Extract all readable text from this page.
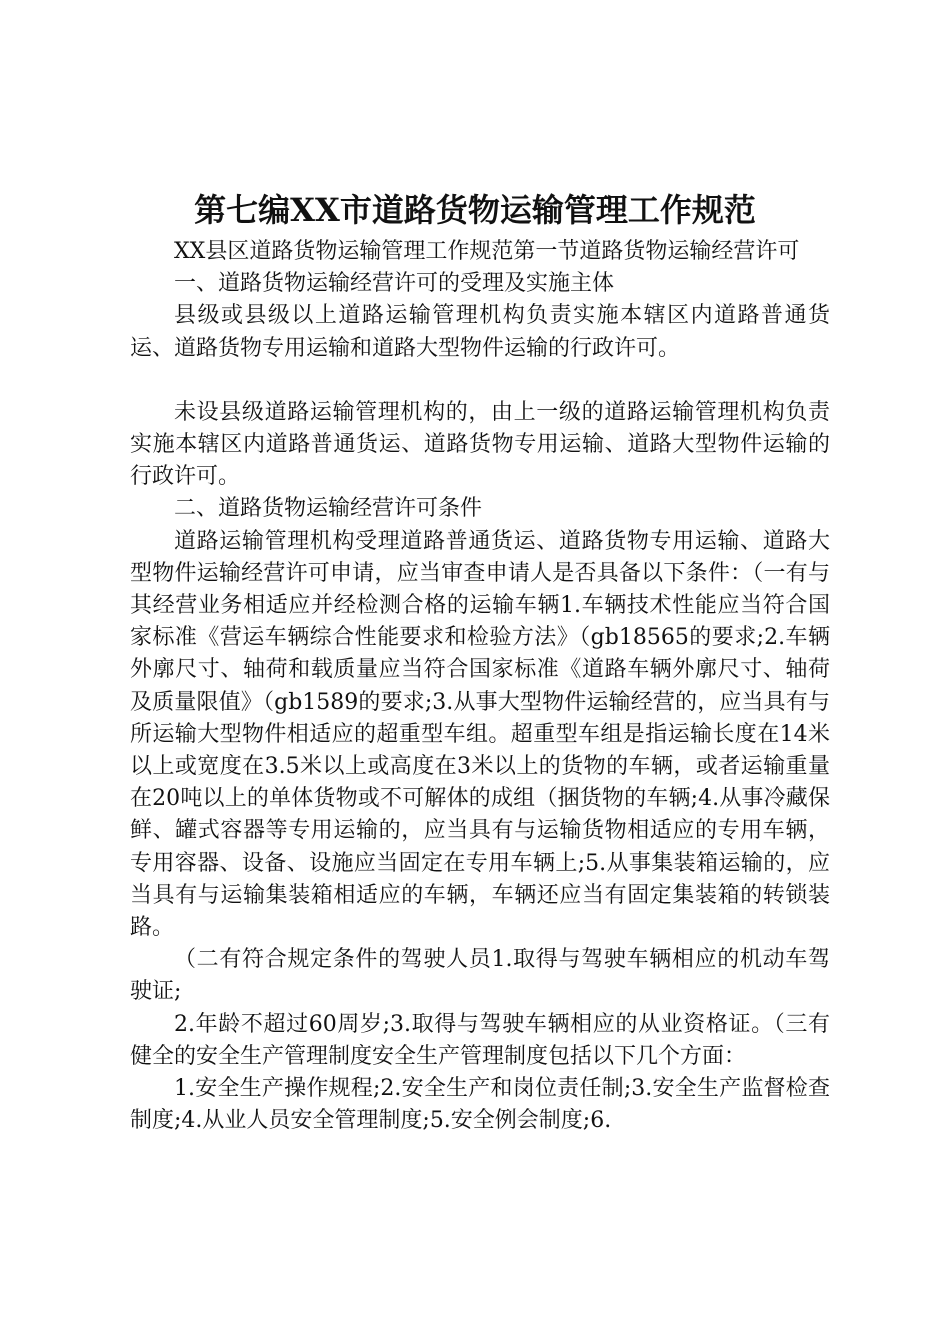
第七编XX市道路货物运输管理工作规范

XX县区道路货物运输管理工作规范第一节道路货物运输经营许可

一、道路货物运输经营许可的受理及实施主体

县级或县级以上道路运输管理机构负责实施本辖区内道路普通货运、道路货物专用运输和道路大型物件运输的行政许可。

未设县级道路运输管理机构的，由上一级的道路运输管理机构负责实施本辖区内道路普通货运、道路货物专用运输、道路大型物件运输的行政许可。

二、道路货物运输经营许可条件

道路运输管理机构受理道路普通货运、道路货物专用运输、道路大型物件运输经营许可申请，应当审查申请人是否具备以下条件：（一有与其经营业务相适应并经检测合格的运输车辆1.车辆技术性能应当符合国家标准《营运车辆综合性能要求和检验方法》（gb18565的要求;2.车辆外廓尺寸、轴荷和载质量应当符合国家标准《道路车辆外廓尺寸、轴荷及质量限值》（gb1589的要求;3.从事大型物件运输经营的，应当具有与所运输大型物件相适应的超重型车组。超重型车组是指运输长度在14米以上或宽度在3.5米以上或高度在3米以上的货物的车辆，或者运输重量在20吨以上的单体货物或不可解体的成组（捆货物的车辆;4.从事冷藏保鲜、罐式容器等专用运输的，应当具有与运输货物相适应的专用车辆，专用容器、设备、设施应当固定在专用车辆上;5.从事集装箱运输的，应当具有与运输集装箱相适应的车辆，车辆还应当有固定集装箱的转锁装路。

（二有符合规定条件的驾驶人员1.取得与驾驶车辆相应的机动车驾驶证;

2.年龄不超过60周岁;3.取得与驾驶车辆相应的从业资格证。（三有健全的安全生产管理制度安全生产管理制度包括以下几个方面：

1.安全生产操作规程;2.安全生产和岗位责任制;3.安全生产监督检查制度;4.从业人员安全管理制度;5.安全例会制度;6.
